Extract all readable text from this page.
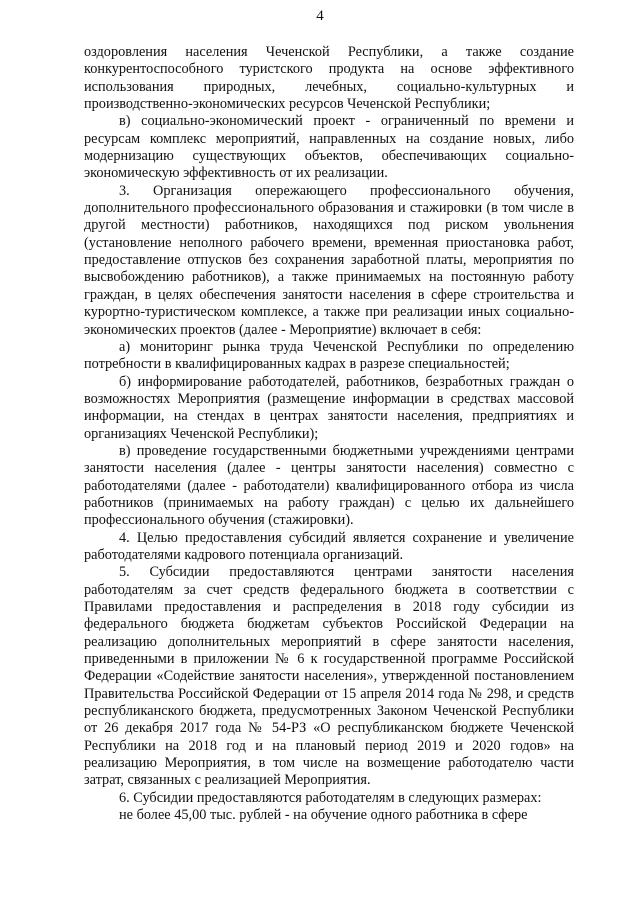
4

оздоровления населения Чеченской Республики, а также создание конкурентоспособного туристского продукта на основе эффективного использования природных, лечебных, социально-культурных и производственно-экономических ресурсов Чеченской Республики;

в) социально-экономический проект - ограниченный по времени и ресурсам комплекс мероприятий, направленных на создание новых, либо модернизацию существующих объектов, обеспечивающих социально-экономическую эффективность от их реализации.

3. Организация опережающего профессионального обучения, дополнительного профессионального образования и стажировки (в том числе в другой местности) работников, находящихся под риском увольнения (установление неполного рабочего времени, временная приостановка работ, предоставление отпусков без сохранения заработной платы, мероприятия по высвобождению работников), а также принимаемых на постоянную работу граждан, в целях обеспечения занятости населения в сфере строительства и курортно-туристическом комплексе, а также при реализации иных социально-экономических проектов (далее - Мероприятие) включает в себя:

а) мониторинг рынка труда Чеченской Республики по определению потребности в квалифицированных кадрах в разрезе специальностей;

б) информирование работодателей, работников, безработных граждан о возможностях Мероприятия (размещение информации в средствах массовой информации, на стендах в центрах занятости населения, предприятиях и организациях Чеченской Республики);

в) проведение государственными бюджетными учреждениями центрами занятости населения (далее - центры занятости населения) совместно с работодателями (далее - работодатели) квалифицированного отбора из числа работников (принимаемых на работу граждан) с целью их дальнейшего профессионального обучения (стажировки).

4. Целью предоставления субсидий является сохранение и увеличение работодателями кадрового потенциала организаций.

5. Субсидии предоставляются центрами занятости населения работодателям за счет средств федерального бюджета в соответствии с Правилами предоставления и распределения в 2018 году субсидии из федерального бюджета бюджетам субъектов Российской Федерации на реализацию дополнительных мероприятий в сфере занятости населения, приведенными в приложении № 6 к государственной программе Российской Федерации «Содействие занятости населения», утвержденной постановлением Правительства Российской Федерации от 15 апреля 2014 года № 298, и средств республиканского бюджета, предусмотренных Законом Чеченской Республики от 26 декабря 2017 года № 54-РЗ «О республиканском бюджете Чеченской Республики на 2018 год и на плановый период 2019 и 2020 годов» на реализацию Мероприятия, в том числе на возмещение работодателю части затрат, связанных с реализацией Мероприятия.

6. Субсидии предоставляются работодателям в следующих размерах:

не более 45,00 тыс. рублей - на обучение одного работника в сфере
